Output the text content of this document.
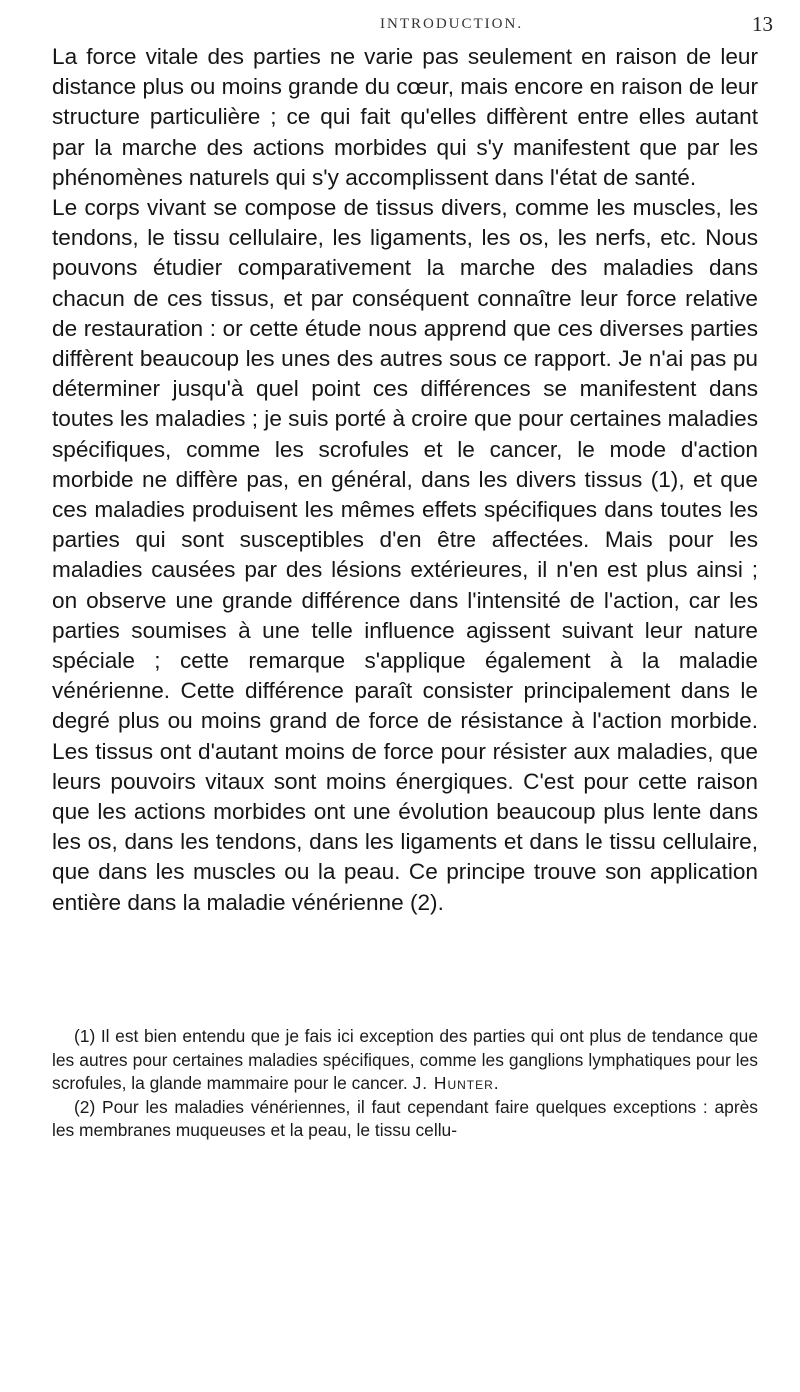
INTRODUCTION.	13

La force vitale des parties ne varie pas seulement en raison de leur distance plus ou moins grande du cœur, mais encore en raison de leur structure particulière ; ce qui fait qu'elles diffèrent entre elles autant par la marche des actions morbides qui s'y manifestent que par les phénomènes naturels qui s'y accomplissent dans l'état de santé.

Le corps vivant se compose de tissus divers, comme les muscles, les tendons, le tissu cellulaire, les ligaments, les os, les nerfs, etc. Nous pouvons étudier comparativement la marche des maladies dans chacun de ces tissus, et par conséquent connaître leur force relative de restauration : or cette étude nous apprend que ces diverses parties diffèrent beaucoup les unes des autres sous ce rapport. Je n'ai pas pu déterminer jusqu'à quel point ces différences se manifestent dans toutes les maladies ; je suis porté à croire que pour certaines maladies spécifiques, comme les scrofules et le cancer, le mode d'action morbide ne diffère pas, en général, dans les divers tissus (1), et que ces maladies produisent les mêmes effets spécifiques dans toutes les parties qui sont susceptibles d'en être affectées. Mais pour les maladies causées par des lésions extérieures, il n'en est plus ainsi ; on observe une grande différence dans l'intensité de l'action, car les parties soumises à une telle influence agissent suivant leur nature spéciale ; cette remarque s'applique également à la maladie vénérienne. Cette différence paraît consister principalement dans le degré plus ou moins grand de force de résistance à l'action morbide. Les tissus ont d'autant moins de force pour résister aux maladies, que leurs pouvoirs vitaux sont moins énergiques. C'est pour cette raison que les actions morbides ont une évolution beaucoup plus lente dans les os, dans les tendons, dans les ligaments et dans le tissu cellulaire, que dans les muscles ou la peau. Ce principe trouve son application entière dans la maladie vénérienne (2).

(1) Il est bien entendu que je fais ici exception des parties qui ont plus de tendance que les autres pour certaines maladies spécifiques, comme les ganglions lymphatiques pour les scrofules, la glande mammaire pour le cancer. J. Hunter.

(2) Pour les maladies vénériennes, il faut cependant faire quelques exceptions : après les membranes muqueuses et la peau, le tissu cellu-
